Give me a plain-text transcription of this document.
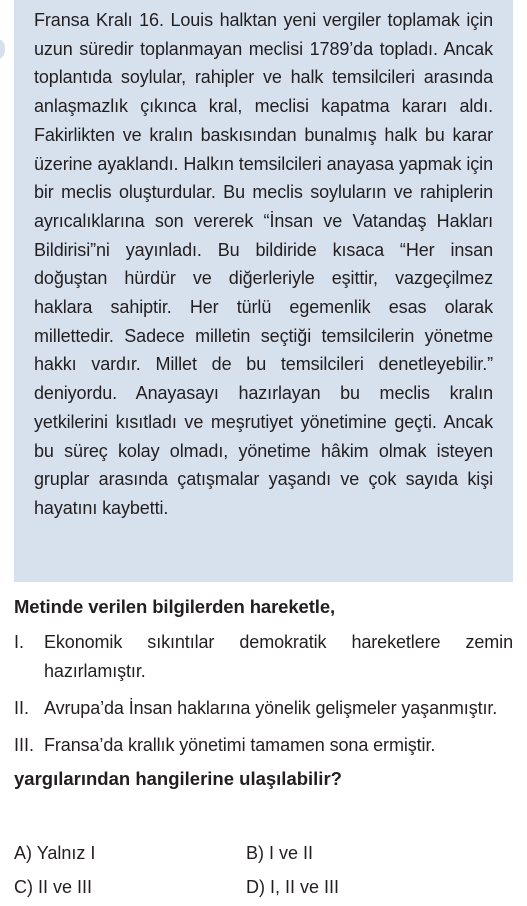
Fransa Kralı 16. Louis halktan yeni vergiler toplamak için uzun süredir toplanmayan meclisi 1789’da topladı. Ancak toplantıda soylular, rahipler ve halk temsilcileri arasında anlaşmazlık çıkınca kral, meclisi kapatma kararı aldı. Fakirlikten ve kralın baskısından bunalmış halk bu karar üzerine ayaklandı. Halkın temsilcileri anayasa yapmak için bir meclis oluşturdular. Bu meclis soyluların ve rahiplerin ayrıcalıklarına son vererek “İnsan ve Vatandaş Hakları Bildirisi”ni yayınladı. Bu bildiride kısaca “Her insan doğuştan hürdür ve diğerleriyle eşittir, vazgeçilmez haklara sahiptir. Her türlü egemenlik esas olarak millettedir. Sadece milletin seçtiği temsilcilerin yönetme hakkı vardır. Millet de bu temsilcileri denetleyebilir.” deniyordu. Anayasayı hazırlayan bu meclis kralın yetkilerini kısıtladı ve meşrutiyet yönetimine geçti. Ancak bu süreç kolay olmadı, yönetime hâkim olmak isteyen gruplar arasında çatışmalar yaşandı ve çok sayıda kişi hayatını kaybetti.

Metinde verilen bilgilerden hareketle,

I.	Ekonomik sıkıntılar demokratik hareketlere zemin hazırlamıştır.
II. Avrupa’da İnsan haklarına yönelik gelişmeler yaşanmıştır.
III. Fransa’da krallık yönetimi tamamen sona ermiştir.

yargılarından hangilerine ulaşılabilir?

A) Yalnız I	B) I ve II
C) II ve III	D) I, II ve III
